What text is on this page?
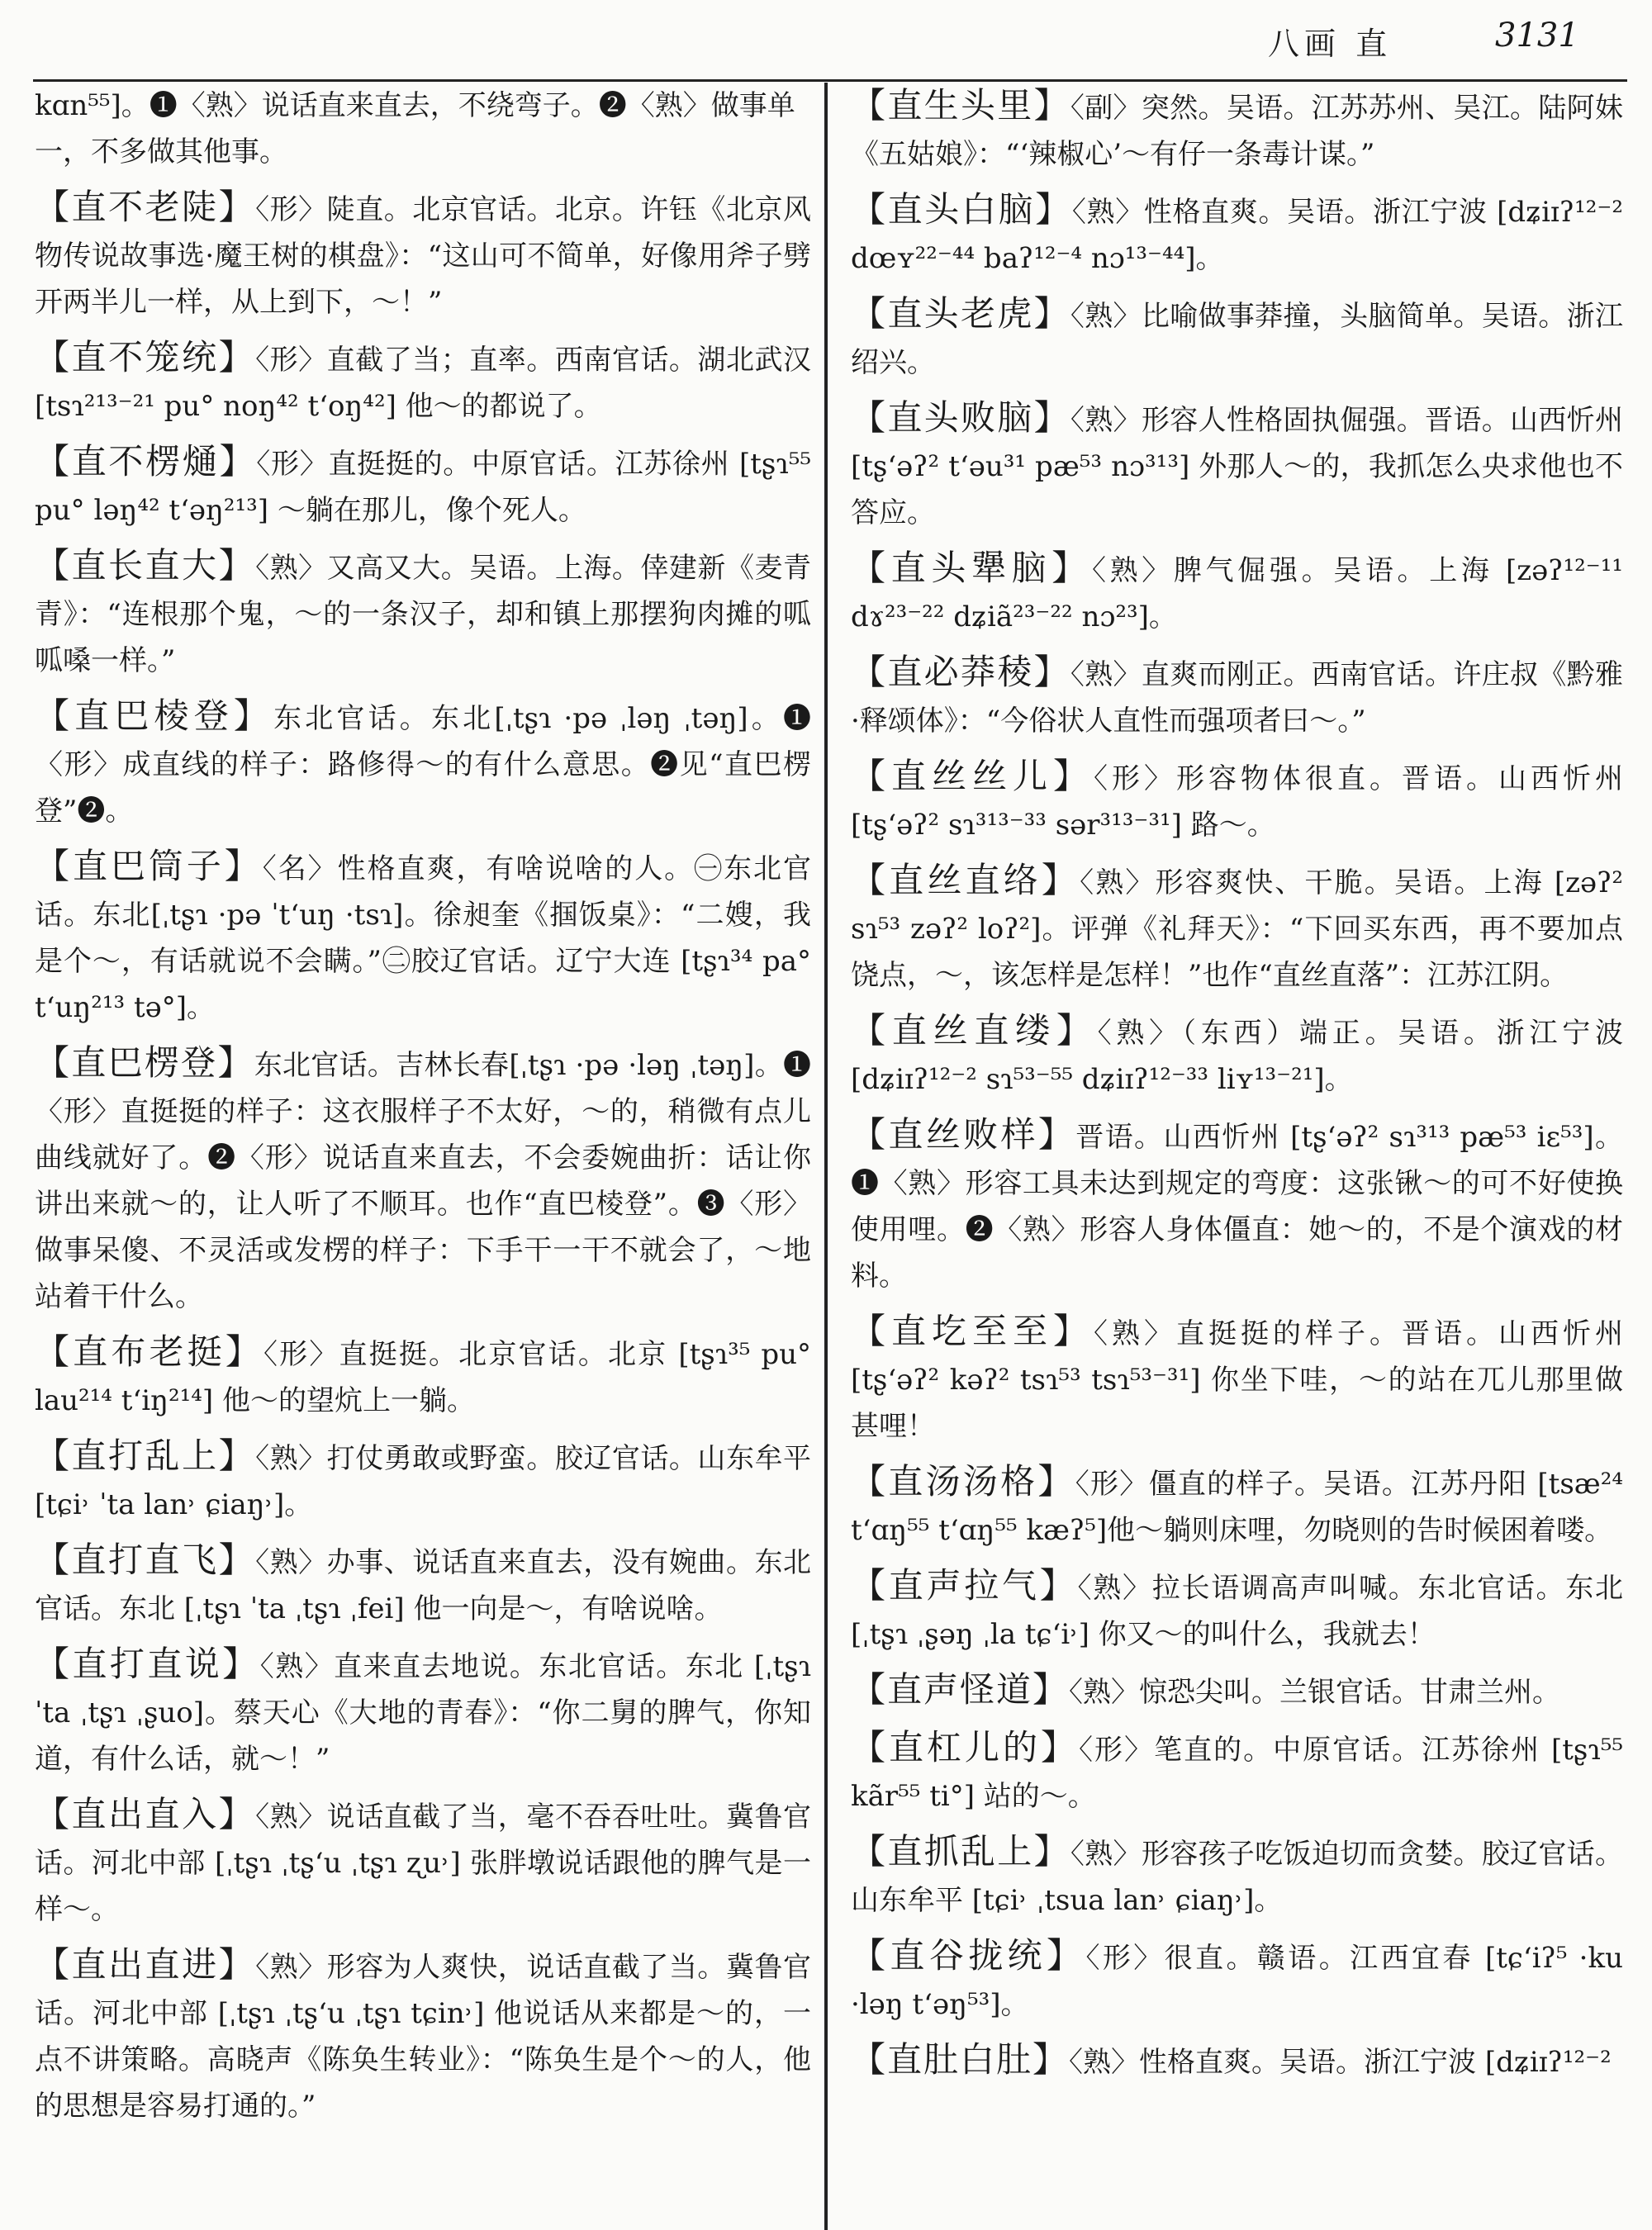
八画 直	3131
kɑn⁵⁵]。❶〈熟〉说话直来直去，不绕弯子。❷〈熟〉做事单一，不多做其他事。
【直不老陡】〈形〉陡直。北京官话。北京。许钰《北京风物传说故事选·魔王树的棋盘》：“这山可不简单，好像用斧子劈开两半儿一样，从上到下，～！”
【直不笼统】〈形〉直截了当；直率。西南官话。湖北武汉 [tsɿ²¹³⁻²¹ pu° noŋ⁴² t‘oŋ⁴²] 他～的都说了。
【直不楞熥】〈形〉直挺挺的。中原官话。江苏徐州 [tʂɿ⁵⁵ pu° ləŋ⁴² t‘əŋ²¹³] ～躺在那儿，像个死人。
【直长直大】〈熟〉又高又大。吴语。上海。倖建新《麦青青》：“连根那个鬼，～的一条汉子，却和镇上那摆狗肉摊的呱呱嗓一样。”
【直巴棱登】东北官话。东北[ˌtʂɿ ·pə ˌləŋ ˌtəŋ]。❶〈形〉成直线的样子：路修得～的有什么意思。❷见“直巴楞登”❷。
【直巴筒子】〈名〉性格直爽，有啥说啥的人。㊀东北官话。东北[ˌtʂɿ ·pə ˈt‘uŋ ·tsɿ]。徐昶奎《掴饭桌》：“二嫂，我是个～，有话就说不会瞒。”㊁胶辽官话。辽宁大连 [tʂɿ³⁴ pa° t‘uŋ²¹³ tə°]。
【直巴楞登】东北官话。吉林长春[ˌtʂɿ ·pə ·ləŋ ˌtəŋ]。❶〈形〉直挺挺的样子：这衣服样子不太好，～的，稍微有点儿曲线就好了。❷〈形〉说话直来直去，不会委婉曲折：话让你讲出来就～的，让人听了不顺耳。也作“直巴棱登”。❸〈形〉做事呆傻、不灵活或发楞的样子：下手干一干不就会了，～地站着干什么。
【直布老挺】〈形〉直挺挺。北京官话。北京 [tʂɿ³⁵ pu° lau²¹⁴ t‘iŋ²¹⁴] 他～的望炕上一躺。
【直打乱上】〈熟〉打仗勇敢或野蛮。胶辽官话。山东牟平 [tɕi˒ ˈta lan˒ ɕiaŋ˒]。
【直打直飞】〈熟〉办事、说话直来直去，没有婉曲。东北官话。东北 [ˌtʂɿ ˈta ˌtʂɿ ˌfei] 他一向是～，有啥说啥。
【直打直说】〈熟〉直来直去地说。东北官话。东北 [ˌtʂɿ ˈta ˌtʂɿ ˌʂuo]。蔡天心《大地的青春》：“你二舅的脾气，你知道，有什么话，就～！”
【直出直入】〈熟〉说话直截了当，毫不吞吞吐吐。冀鲁官话。河北中部 [ˌtʂɿ ˌtʂ‘u ˌtʂɿ ʐu˒] 张胖墩说话跟他的脾气是一样～。
【直出直进】〈熟〉形容为人爽快，说话直截了当。冀鲁官话。河北中部 [ˌtʂɿ ˌtʂ‘u ˌtʂɿ tɕin˒] 他说话从来都是～的，一点不讲策略。高晓声《陈奂生转业》：“陈奂生是个～的人，他的思想是容易打通的。”
【直生头里】〈副〉突然。吴语。江苏苏州、吴江。陆阿妹《五姑娘》：“‘辣椒心’～有仔一条毒计谋。”
【直头白脑】〈熟〉性格直爽。吴语。浙江宁波 [dʑiɪʔ¹²⁻² dœʏ²²⁻⁴⁴ baʔ¹²⁻⁴ nɔ¹³⁻⁴⁴]。
【直头老虎】〈熟〉比喻做事莽撞，头脑简单。吴语。浙江绍兴。
【直头败脑】〈熟〉形容人性格固执倔强。晋语。山西忻州 [tʂ‘əʔ² t‘əu³¹ pæ⁵³ nɔ³¹³] 外那人～的，我抓怎么央求他也不答应。
【直头犟脑】〈熟〉脾气倔强。吴语。上海 [zəʔ¹²⁻¹¹ dɤ²³⁻²² dʑiã²³⁻²² nɔ²³]。
【直必莽稜】〈熟〉直爽而刚正。西南官话。许庄叔《黔雅·释颂体》：“今俗状人直性而强项者曰～。”
【直丝丝儿】〈形〉形容物体很直。晋语。山西忻州 [tʂ‘əʔ² sɿ³¹³⁻³³ sər³¹³⁻³¹] 路～。
【直丝直络】〈熟〉形容爽快、干脆。吴语。上海 [zəʔ² sɿ⁵³ zəʔ² loʔ²]。评弹《礼拜天》：“下回买东西，再不要加点饶点，～，该怎样是怎样！”也作“直丝直落”：江苏江阴。
【直丝直缕】〈熟〉（东西）端正。吴语。浙江宁波 [dʑiɪʔ¹²⁻² sɿ⁵³⁻⁵⁵ dʑiɪʔ¹²⁻³³ liʏ¹³⁻²¹]。
【直丝败样】晋语。山西忻州 [tʂ‘əʔ² sɿ³¹³ pæ⁵³ iɛ⁵³]。❶〈熟〉形容工具未达到规定的弯度：这张锹～的可不好使换使用哩。❷〈熟〉形容人身体僵直：她～的，不是个演戏的材料。
【直圪至至】〈熟〉直挺挺的样子。晋语。山西忻州 [tʂ‘əʔ² kəʔ² tsɿ⁵³ tsɿ⁵³⁻³¹] 你坐下哇，～的站在兀儿那里做甚哩！
【直汤汤格】〈形〉僵直的样子。吴语。江苏丹阳 [tsæ²⁴ t‘ɑŋ⁵⁵ t‘ɑŋ⁵⁵ kæʔ⁵]他～躺则床哩，勿晓则的告时候困着喽。
【直声拉气】〈熟〉拉长语调高声叫喊。东北官话。东北 [ˌtʂɿ ˌʂəŋ ˌla tɕ‘i˒] 你又～的叫什么，我就去！
【直声怪道】〈熟〉惊恐尖叫。兰银官话。甘肃兰州。
【直杠儿的】〈形〉笔直的。中原官话。江苏徐州 [tʂɿ⁵⁵ kãr⁵⁵ ti°] 站的～。
【直抓乱上】〈熟〉形容孩子吃饭迫切而贪婪。胶辽官话。山东牟平 [tɕi˒ ˌtsua lan˒ ɕiaŋ˒]。
【直谷拢统】〈形〉很直。赣语。江西宜春 [tɕ‘iʔ⁵ ·ku ·ləŋ t‘əŋ⁵³]。
【直肚白肚】〈熟〉性格直爽。吴语。浙江宁波 [dʑiɪʔ¹²⁻²
